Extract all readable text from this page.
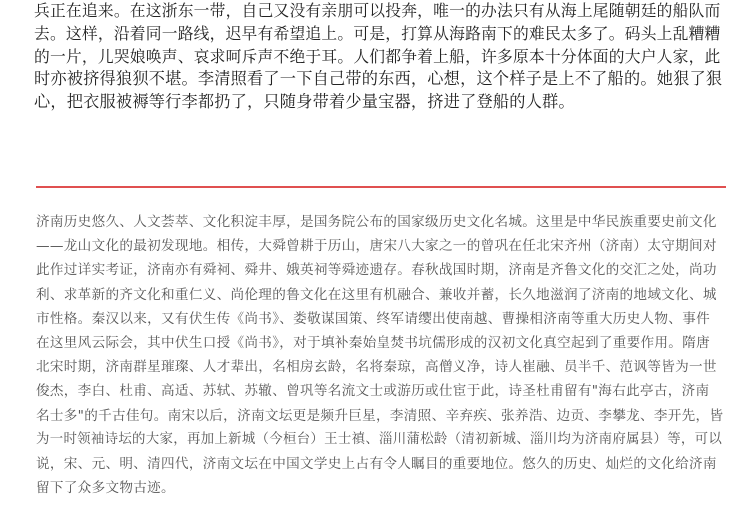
兵正在追来。在这浙东一带，自己又没有亲朋可以投奔，唯一的办法只有从海上尾随朝廷的船队而
去。这样，沿着同一路线，迟早有希望追上。可是，打算从海路南下的难民太多了。码头上乱糟糟
的一片，儿哭娘唤声、哀求呵斥声不绝于耳。人们都争着上船，许多原本十分体面的大户人家，此
时亦被挤得狼狈不堪。李清照看了一下自己带的东西，心想，这个样子是上不了船的。她狠了狠
心，把衣服被褥等行李都扔了，只随身带着少量宝器，挤进了登船的人群。
济南历史悠久、人文荟萃、文化积淀丰厚，是国务院公布的国家级历史文化名城。这里是中华民族重要史前文化
——龙山文化的最初发现地。相传，大舜曾耕于历山，唐宋八大家之一的曾巩在任北宋齐州（济南）太守期间对
此作过详实考证，济南亦有舜祠、舜井、娥英祠等舜迹遗存。春秋战国时期，济南是齐鲁文化的交汇之处，尚功
利、求革新的齐文化和重仁义、尚伦理的鲁文化在这里有机融合、兼收并蓄，长久地滋润了济南的地域文化、城
市性格。秦汉以来，又有伏生传《尚书》、娄敬谋国策、终军请缨出使南越、曹操相济南等重大历史人物、事件
在这里风云际会，其中伏生口授《尚书》，对于填补秦始皇焚书坑儒形成的汉初文化真空起到了重要作用。隋唐
北宋时期，济南群星璀璨、人才辈出，名相房玄龄，名将秦琼，高僧义净，诗人崔融、员半千、范讽等皆为一世
俊杰，李白、杜甫、高适、苏轼、苏辙、曾巩等名流文士或游历或仕宦于此，诗圣杜甫留有"海右此亭古，济南
名士多"的千古佳句。南宋以后，济南文坛更是频升巨星，李清照、辛弃疾、张养浩、边贡、李攀龙、李开先，皆
为一时领袖诗坛的大家，再加上新城（今桓台）王士禛、淄川蒲松龄（清初新城、淄川均为济南府属县）等，可以
说，宋、元、明、清四代，济南文坛在中国文学史上占有令人瞩目的重要地位。悠久的历史、灿烂的文化给济南
留下了众多文物古迹。
